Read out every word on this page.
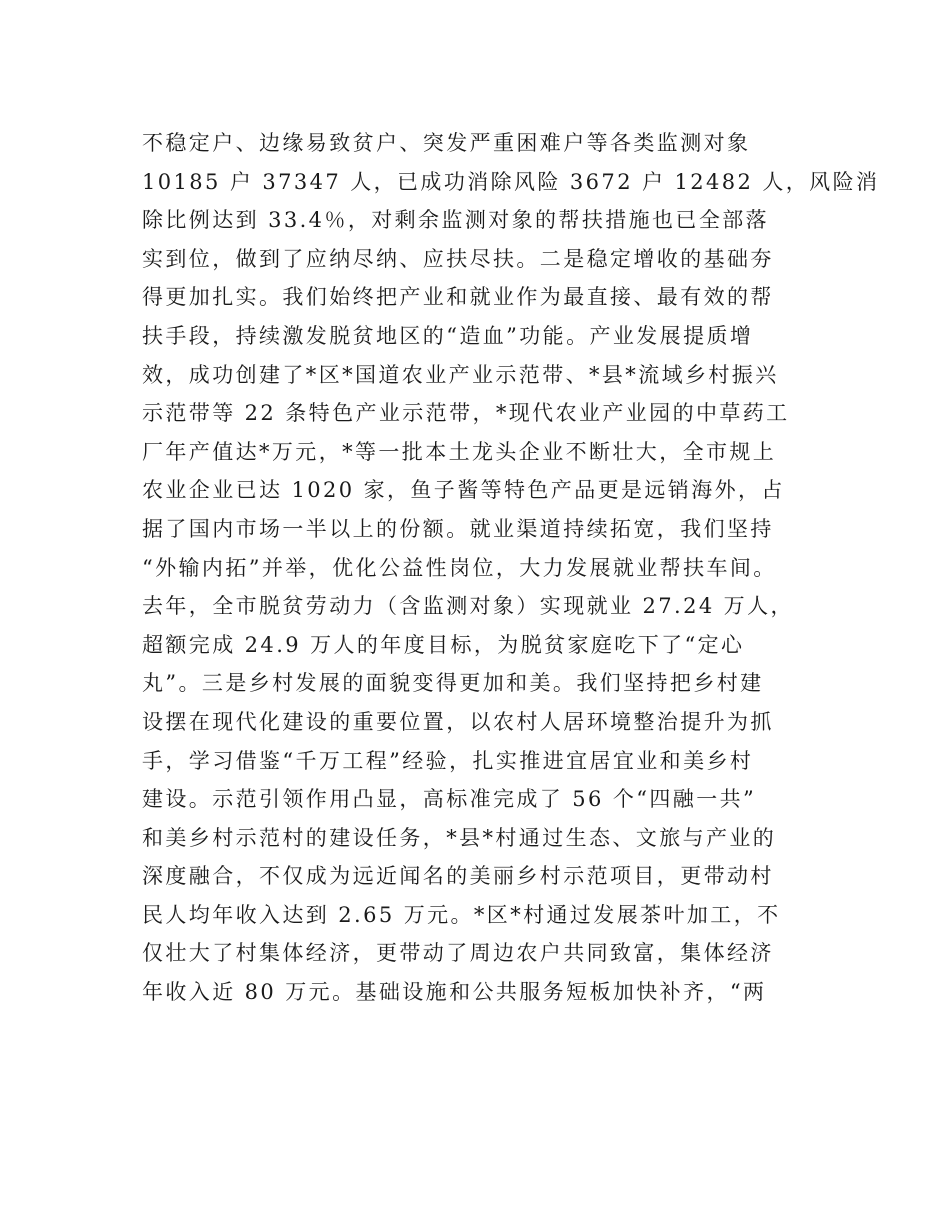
不稳定户、边缘易致贫户、突发严重困难户等各类监测对象
10185 户 37347 人，已成功消除风险 3672 户 12482 人，风险消
除比例达到 33.4％，对剩余监测对象的帮扶措施也已全部落
实到位，做到了应纳尽纳、应扶尽扶。二是稳定增收的基础夯
得更加扎实。我们始终把产业和就业作为最直接、最有效的帮
扶手段，持续激发脱贫地区的“造血”功能。产业发展提质增
效，成功创建了*区*国道农业产业示范带、*县*流域乡村振兴
示范带等 22 条特色产业示范带，*现代农业产业园的中草药工
厂年产值达*万元，*等一批本土龙头企业不断壮大，全市规上
农业企业已达 1020 家，鱼子酱等特色产品更是远销海外，占
据了国内市场一半以上的份额。就业渠道持续拓宽，我们坚持
“外输内拓”并举，优化公益性岗位，大力发展就业帮扶车间。
去年，全市脱贫劳动力（含监测对象）实现就业 27.24 万人，
超额完成 24.9 万人的年度目标，为脱贫家庭吃下了“定心
丸”。三是乡村发展的面貌变得更加和美。我们坚持把乡村建
设摆在现代化建设的重要位置，以农村人居环境整治提升为抓
手，学习借鉴“千万工程”经验，扎实推进宜居宜业和美乡村
建设。示范引领作用凸显，高标准完成了 56 个“四融一共”
和美乡村示范村的建设任务，*县*村通过生态、文旅与产业的
深度融合，不仅成为远近闻名的美丽乡村示范项目，更带动村
民人均年收入达到 2.65 万元。*区*村通过发展茶叶加工，不
仅壮大了村集体经济，更带动了周边农户共同致富，集体经济
年收入近 80 万元。基础设施和公共服务短板加快补齐，“两
